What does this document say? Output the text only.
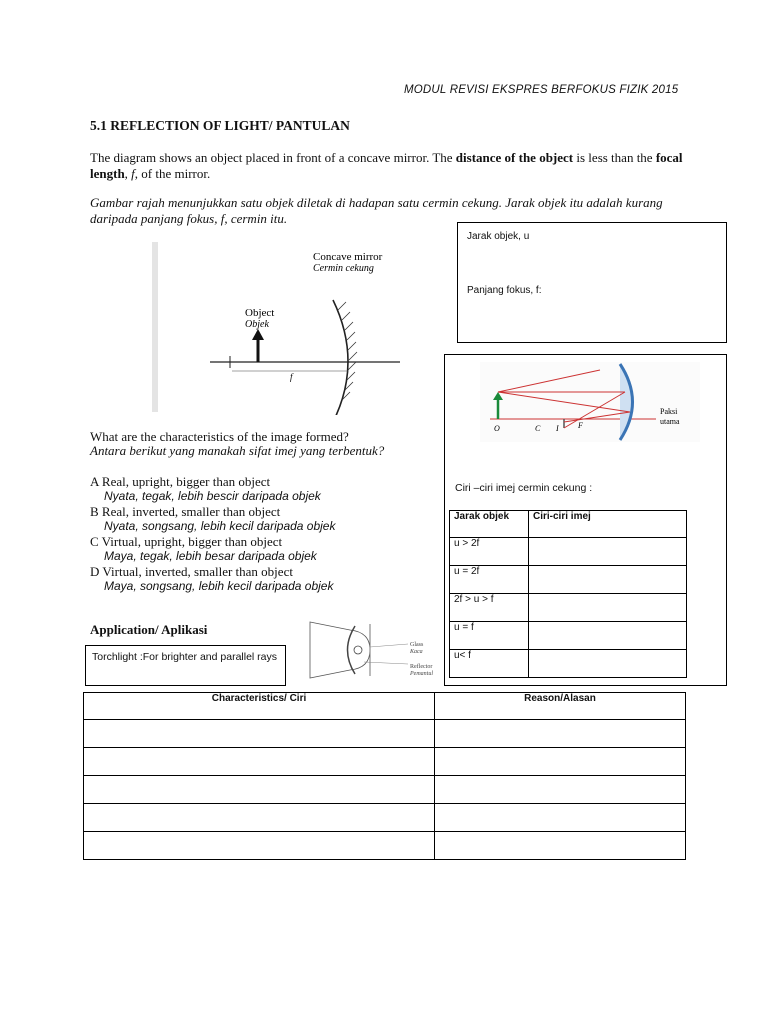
MODUL REVISI EKSPRES BERFOKUS FIZIK 2015
5.1 REFLECTION OF LIGHT/ PANTULAN
The diagram shows an object placed in front of a concave mirror. The distance of the object is less than the focal length, f, of the mirror.
Gambar rajah menunjukkan satu objek diletak di hadapan satu cermin cekung. Jarak objek itu adalah kurang daripada panjang fokus, f, cermin itu.
f
Concave mirror
Cermin cekung
Object
Objek
Jarak objek, u
Panjang fokus, f:
O	C I F
Paksi
utama
Ciri –ciri imej cermin cekung :
Jarak objek	Ciri-ciri imej
u > 2f	
u = 2f	
2f > u > f	
u = f	
u< f	
What are the characteristics of the image formed?
Antara berikut yang manakah sifat imej yang terbentuk?
A Real, upright, bigger than object
Nyata, tegak, lebih bescir daripada objek
B Real, inverted, smaller than object
Nyata, songsang, lebih kecil daripada objek
C Virtual, upright, bigger than object
Maya, tegak, lebih besar daripada objek
D Virtual, inverted, smaller than object
Maya, songsang, lebih kecil daripada objek
Application/ Aplikasi
Torchlight :For brighter and parallel rays
Glass
Kaca
Reflector
Pemantul
Characteristics/ Ciri	Reason/Alasan
